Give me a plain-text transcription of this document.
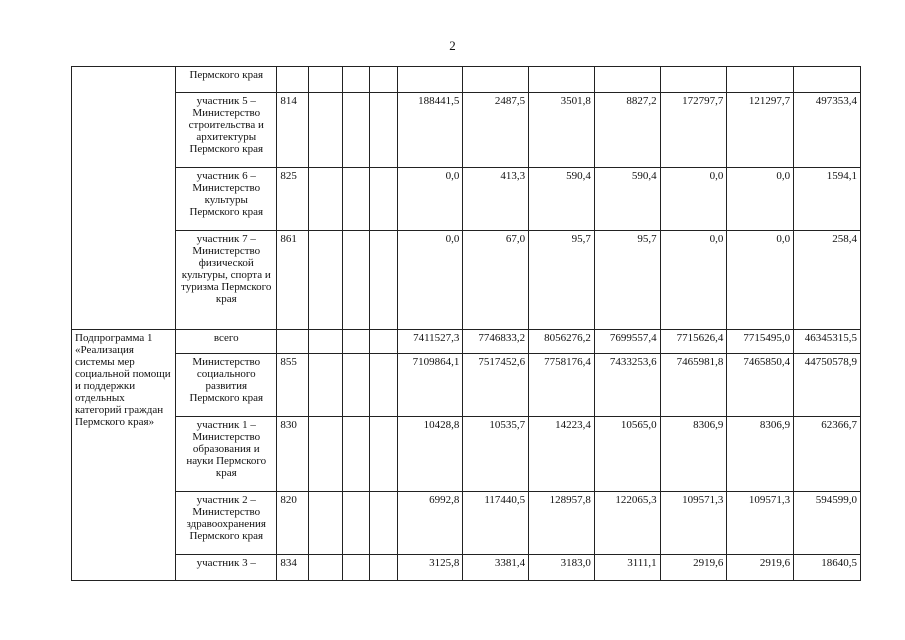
2
	Пермского края											
	участник 5 – Министерство строительства и архитектуры Пермского края	814				188441,5	2487,5	3501,8	8827,2	172797,7	121297,7	497353,4
	участник 6 – Министерство культуры Пермского края	825				0,0	413,3	590,4	590,4	0,0	0,0	1594,1
	участник 7 – Министерство физической культуры, спорта и туризма Пермского края	861				0,0	67,0	95,7	95,7	0,0	0,0	258,4
Подпрограмма 1 «Реализация системы мер социальной помощи и поддержки отдельных категорий граждан Пермского края»	всего					7411527,3	7746833,2	8056276,2	7699557,4	7715626,4	7715495,0	46345315,5
	Министерство социального развития Пермского края	855				7109864,1	7517452,6	7758176,4	7433253,6	7465981,8	7465850,4	44750578,9
	участник 1 – Министерство образования и науки Пермского края	830				10428,8	10535,7	14223,4	10565,0	8306,9	8306,9	62366,7
	участник 2 – Министерство здравоохранения Пермского края	820				6992,8	117440,5	128957,8	122065,3	109571,3	109571,3	594599,0
	участник 3 –	834				3125,8	3381,4	3183,0	3111,1	2919,6	2919,6	18640,5
